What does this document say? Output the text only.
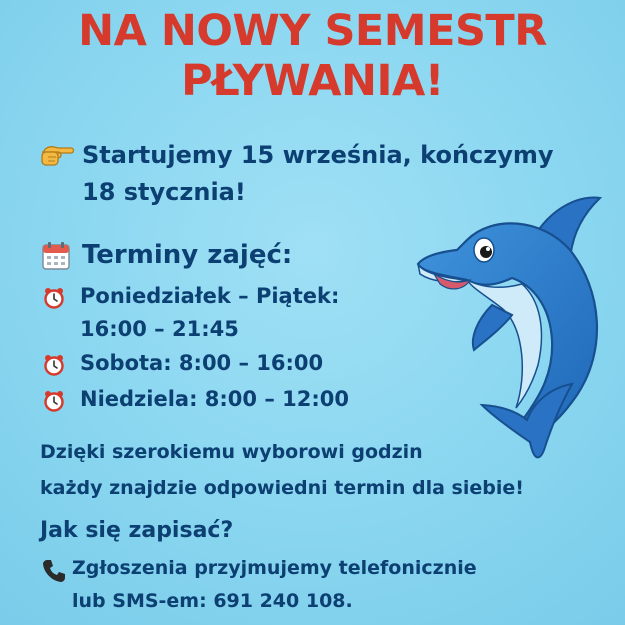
NA NOWY SEMESTR
PŁYWANIA!
Startujemy 15 września, kończymy
18 stycznia!
Terminy zajęć:
Poniedziałek – Piątek:
16:00 – 21:45
Sobota: 8:00 – 16:00
Niedziela: 8:00 – 12:00
Dzięki szerokiemu wyborowi godzin
każdy znajdzie odpowiedni termin dla siebie!
Jak się zapisać?
Zgłoszenia przyjmujemy telefonicznie
lub SMS-em: 691 240 108.
